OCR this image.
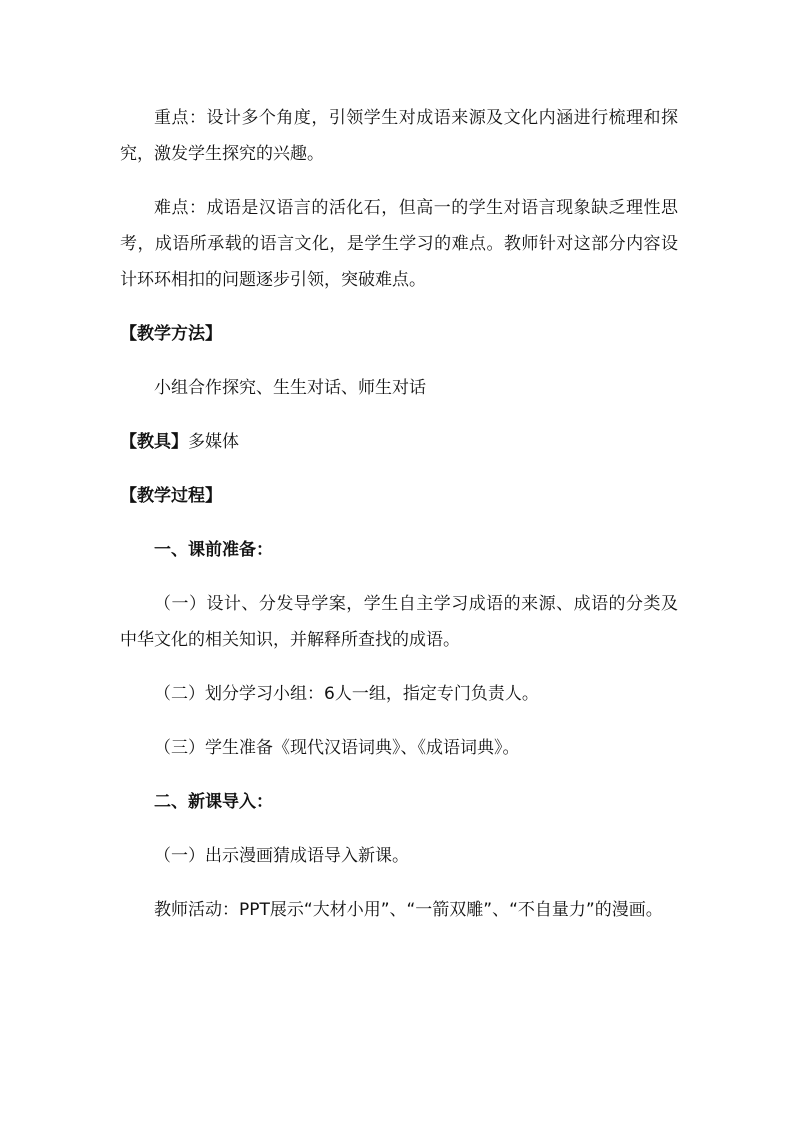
重点：设计多个角度，引领学生对成语来源及文化内涵进行梳理和探究，激发学生探究的兴趣。

难点：成语是汉语言的活化石，但高一的学生对语言现象缺乏理性思考，成语所承载的语言文化，是学生学习的难点。教师针对这部分内容设计环环相扣的问题逐步引领，突破难点。

【教学方法】

小组合作探究、生生对话、师生对话

【教具】多媒体

【教学过程】

一、课前准备：

（一）设计、分发导学案，学生自主学习成语的来源、成语的分类及中华文化的相关知识，并解释所查找的成语。

（二）划分学习小组：6人一组，指定专门负责人。

（三）学生准备《现代汉语词典》、《成语词典》。

二、新课导入：

（一）出示漫画猜成语导入新课。

教师活动：PPT展示“大材小用”、“一箭双雕”、“不自量力”的漫画。
